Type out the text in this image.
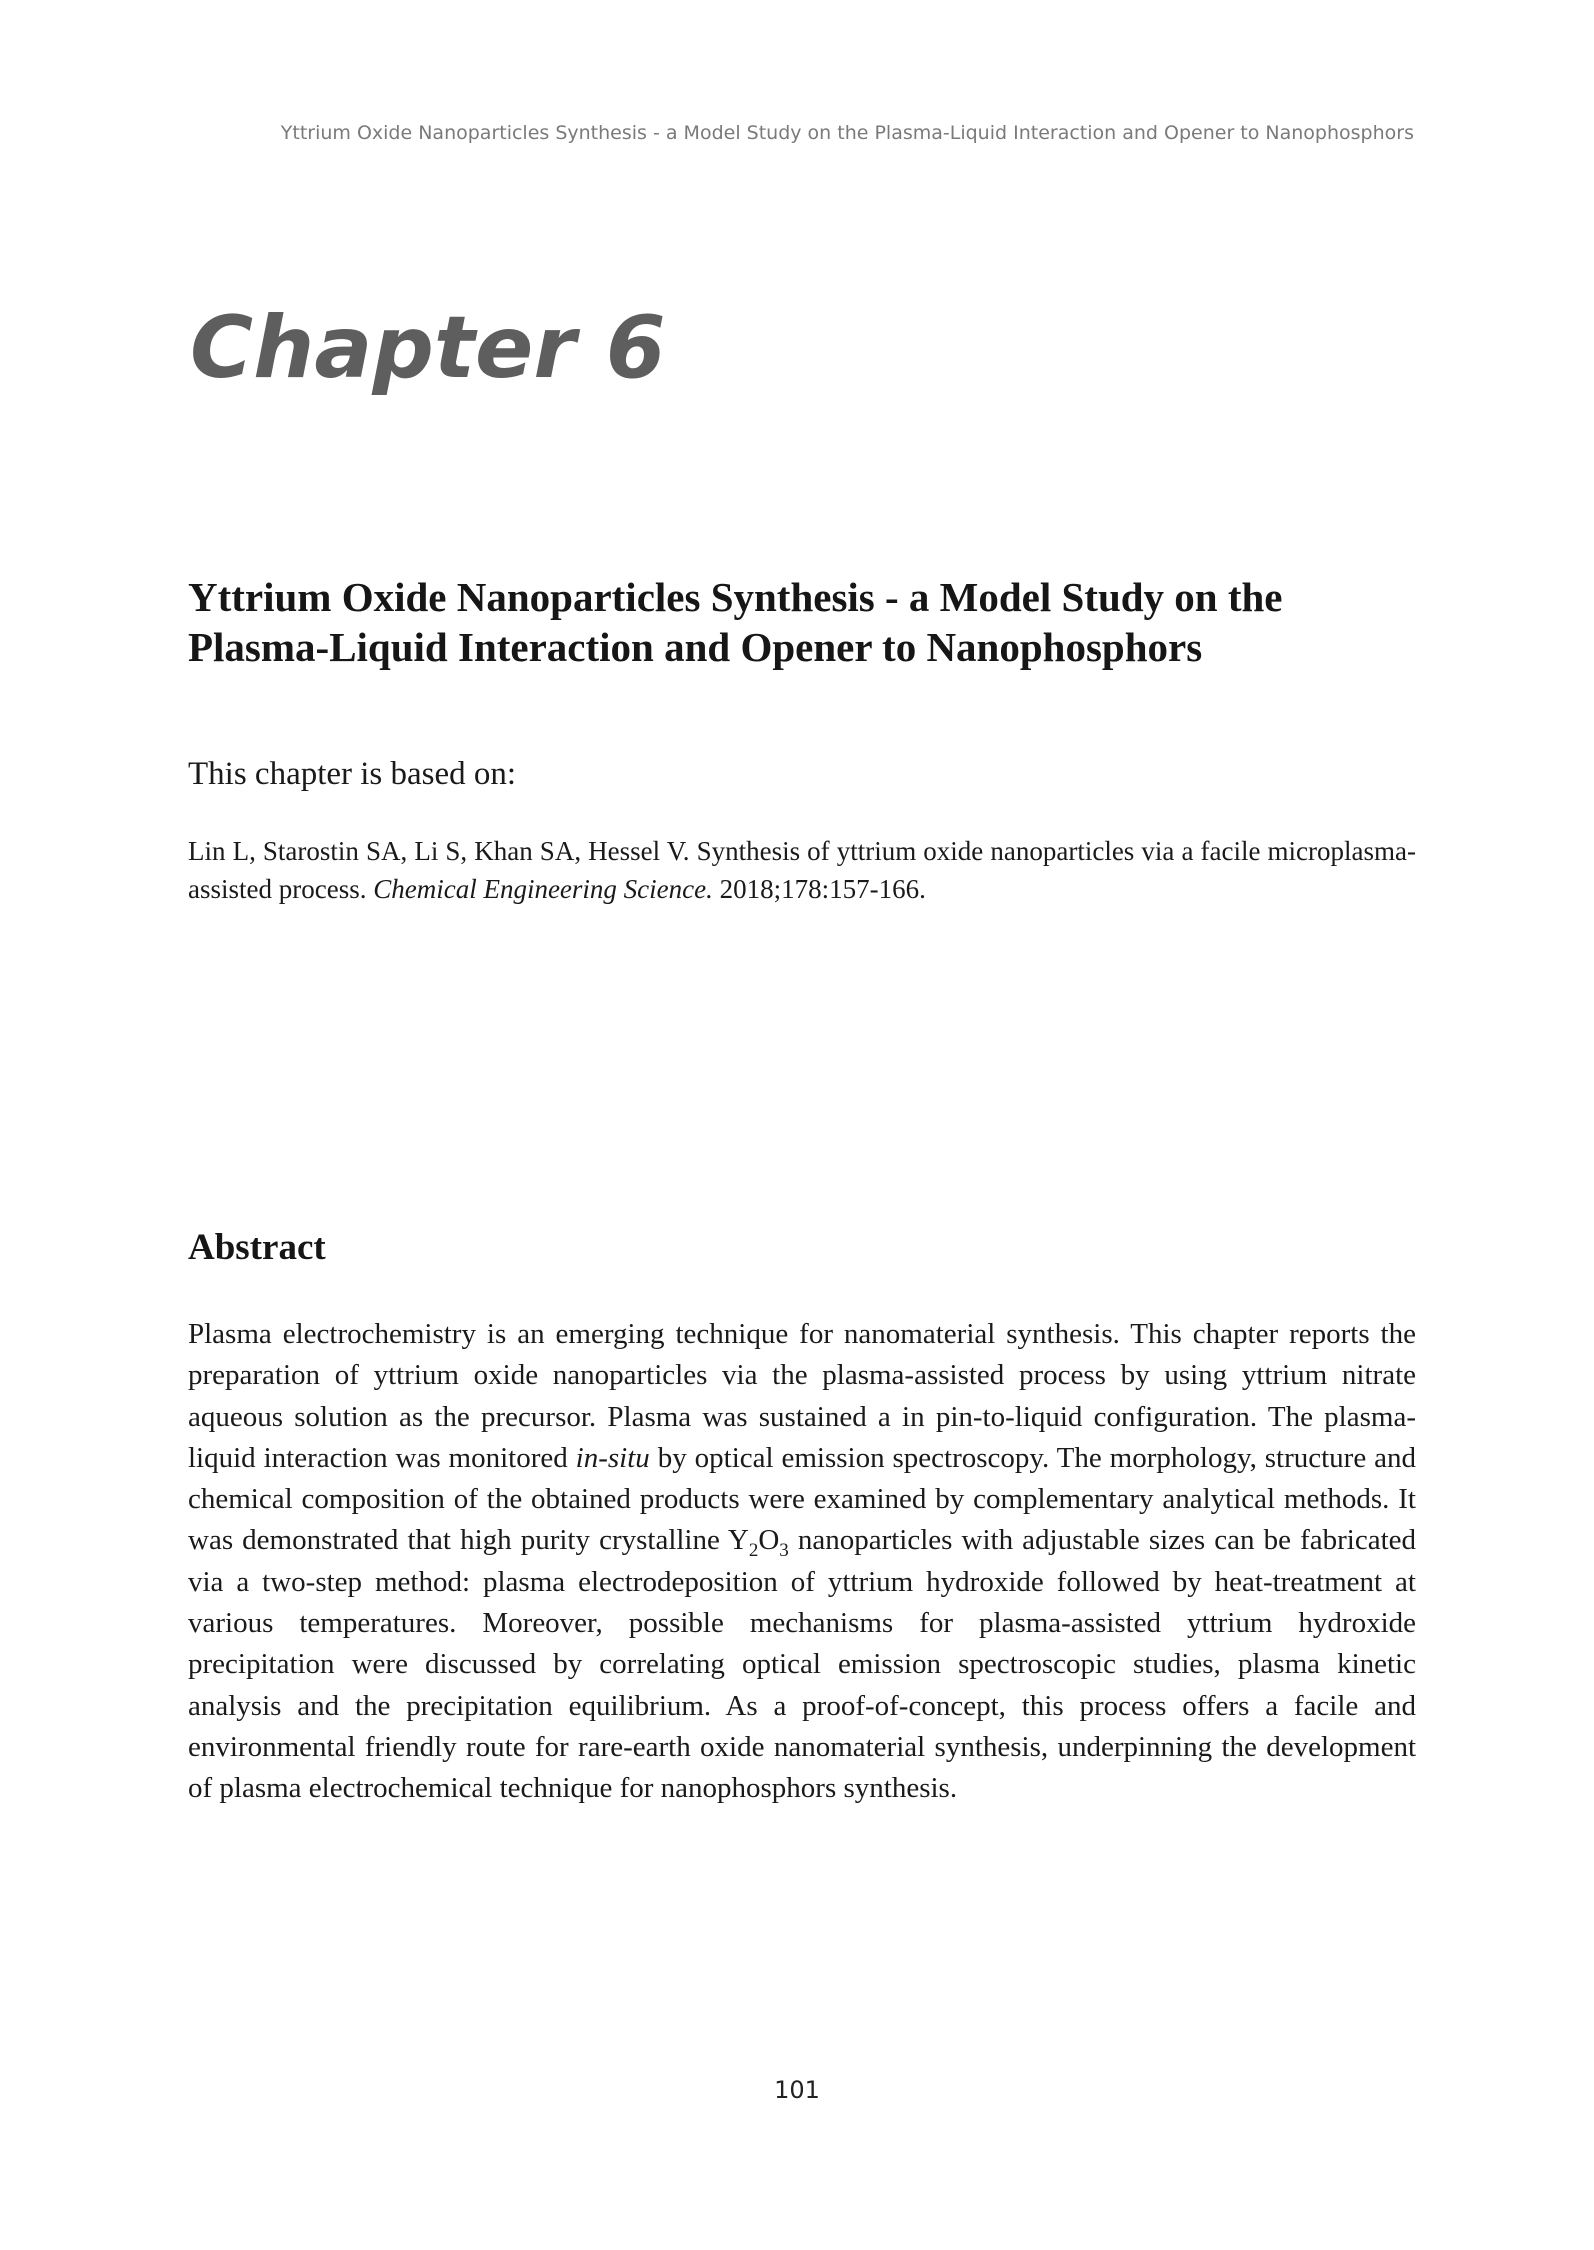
Yttrium Oxide Nanoparticles Synthesis - a Model Study on the Plasma-Liquid Interaction and Opener to Nanophosphors
Chapter 6
Yttrium Oxide Nanoparticles Synthesis - a Model Study on the Plasma-Liquid Interaction and Opener to Nanophosphors

This chapter is based on:

Lin L, Starostin SA, Li S, Khan SA, Hessel V. Synthesis of yttrium oxide nanoparticles via a facile microplasma-assisted process. Chemical Engineering Science. 2018;178:157-166.

Abstract

Plasma electrochemistry is an emerging technique for nanomaterial synthesis. This chapter reports the preparation of yttrium oxide nanoparticles via the plasma-assisted process by using yttrium nitrate aqueous solution as the precursor. Plasma was sustained a in pin-to-liquid configuration. The plasma-liquid interaction was monitored in-situ by optical emission spectroscopy. The morphology, structure and chemical composition of the obtained products were examined by complementary analytical methods. It was demonstrated that high purity crystalline $Y_2O_3$ nanoparticles with adjustable sizes can be fabricated via a two-step method: plasma electrodeposition of yttrium hydroxide followed by heat-treatment at various temperatures. Moreover, possible mechanisms for plasma-assisted yttrium hydroxide precipitation were discussed by correlating optical emission spectroscopic studies, plasma kinetic analysis and the precipitation equilibrium. As a proof-of-concept, this process offers a facile and environmental friendly route for rare-earth oxide nanomaterial synthesis, underpinning the development of plasma electrochemical technique for nanophosphors synthesis.

101
